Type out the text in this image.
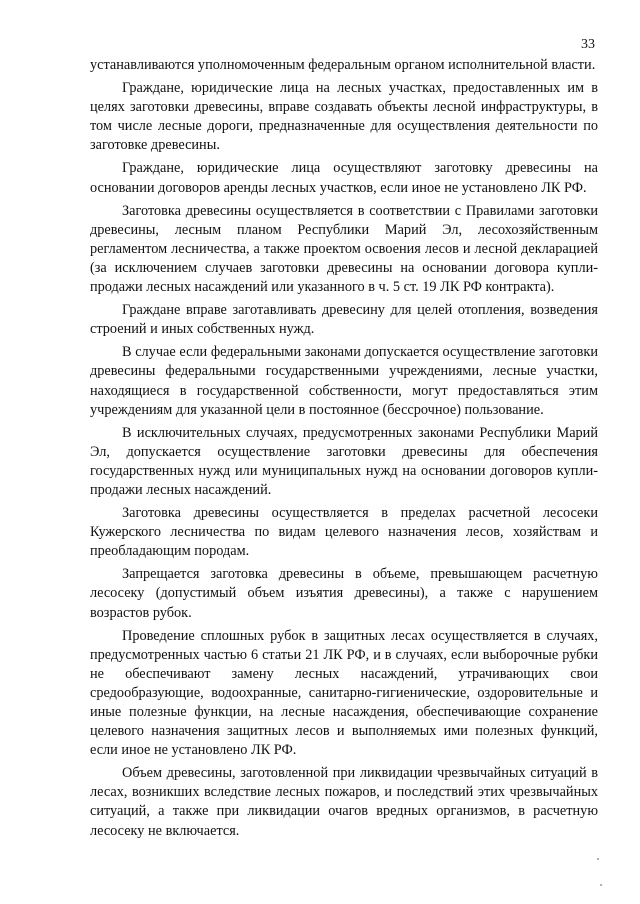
33

устанавливаются уполномоченным федеральным органом исполнительной власти.

Граждане, юридические лица на лесных участках, предоставленных им в целях заготовки древесины, вправе создавать объекты лесной инфраструктуры, в том числе лесные дороги, предназначенные для осуществления деятельности по заготовке древесины.

Граждане, юридические лица осуществляют заготовку древесины на основании договоров аренды лесных участков, если иное не установлено ЛК РФ.

Заготовка древесины осуществляется в соответствии с Правилами заготовки древесины, лесным планом Республики Марий Эл, лесохозяйственным регламентом лесничества, а также проектом освоения лесов и лесной декларацией (за исключением случаев заготовки древесины на основании договора купли-продажи лесных насаждений или указанного в ч. 5 ст. 19 ЛК РФ контракта).

Граждане вправе заготавливать древесину для целей отопления, возведения строений и иных собственных нужд.

В случае если федеральными законами допускается осуществление заготовки древесины федеральными государственными учреждениями, лесные участки, находящиеся в государственной собственности, могут предоставляться этим учреждениям для указанной цели в постоянное (бессрочное) пользование.

В исключительных случаях, предусмотренных законами Республики Марий Эл, допускается осуществление заготовки древесины для обеспечения государственных нужд или муниципальных нужд на основании договоров купли-продажи лесных насаждений.

Заготовка древесины осуществляется в пределах расчетной лесосеки Кужерского лесничества по видам целевого назначения лесов, хозяйствам и преобладающим породам.

Запрещается заготовка древесины в объеме, превышающем расчетную лесосеку (допустимый объем изъятия древесины), а также с нарушением возрастов рубок.

Проведение сплошных рубок в защитных лесах осуществляется в случаях, предусмотренных частью 6 статьи 21 ЛК РФ, и в случаях, если выборочные рубки не обеспечивают замену лесных насаждений, утрачивающих свои средообразующие, водоохранные, санитарно-гигиенические, оздоровительные и иные полезные функции, на лесные насаждения, обеспечивающие сохранение целевого назначения защитных лесов и выполняемых ими полезных функций, если иное не установлено ЛК РФ.

Объем древесины, заготовленной при ликвидации чрезвычайных ситуаций в лесах, возникших вследствие лесных пожаров, и последствий этих чрезвычайных ситуаций, а также при ликвидации очагов вредных организмов, в расчетную лесосеку не включается.
